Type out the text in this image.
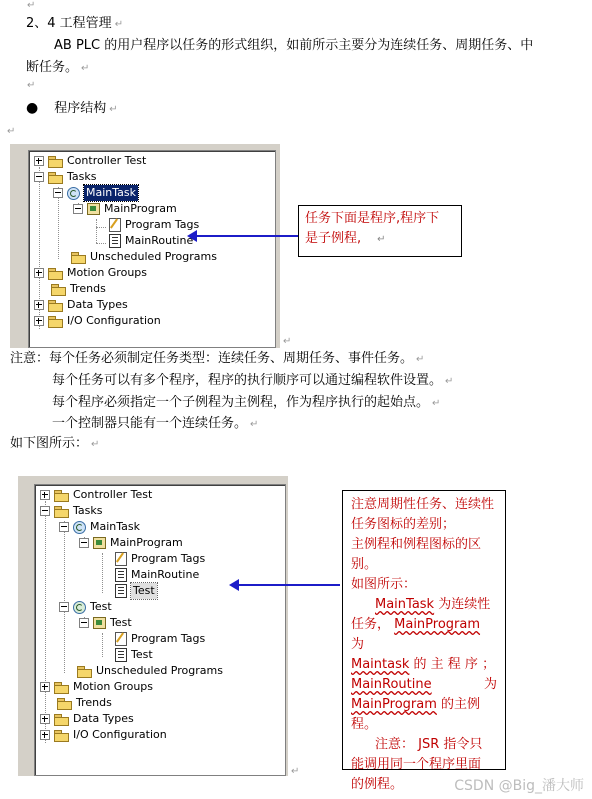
↵
2、4 工程管理 ↵
AB PLC 的用户程序以任务的形式组织，如前所示主要分为连续任务、周期任务、中
断任务。 ↵
↵
● 程序结构 ↵
↵
Controller Test
Tasks
MainTask
MainProgram
Program Tags
MainRoutine
Unscheduled Programs
Motion Groups
Trends
Data Types
I/O Configuration
↵
任务下面是程序,程序下
是子例程, ↵
注意：每个任务必须制定任务类型：连续任务、周期任务、事件任务。 ↵
每个任务可以有多个程序，程序的执行顺序可以通过编程软件设置。 ↵
每个程序必须指定一个子例程为主例程，作为程序执行的起始点。 ↵
一个控制器只能有一个连续任务。 ↵
如下图所示： ↵
Controller Test
Tasks
MainTask
MainProgram
Program Tags
MainRoutine
Test
Test
Test
Program Tags
Test
Unscheduled Programs
Motion Groups
Trends
Data Types
I/O Configuration
↵
注意周期性任务、连续性
任务图标的差别；
主例程和例程图标的区
别。
如图所示：
MainTask 为连续性
任务， MainProgram 为
Maintask 的 主 程 序 ；
MainRoutine	为
MainProgram 的主例程。
注意： JSR 指令只
能调用同一个程序里面
的例程。	CSDN @Big_潘大师
